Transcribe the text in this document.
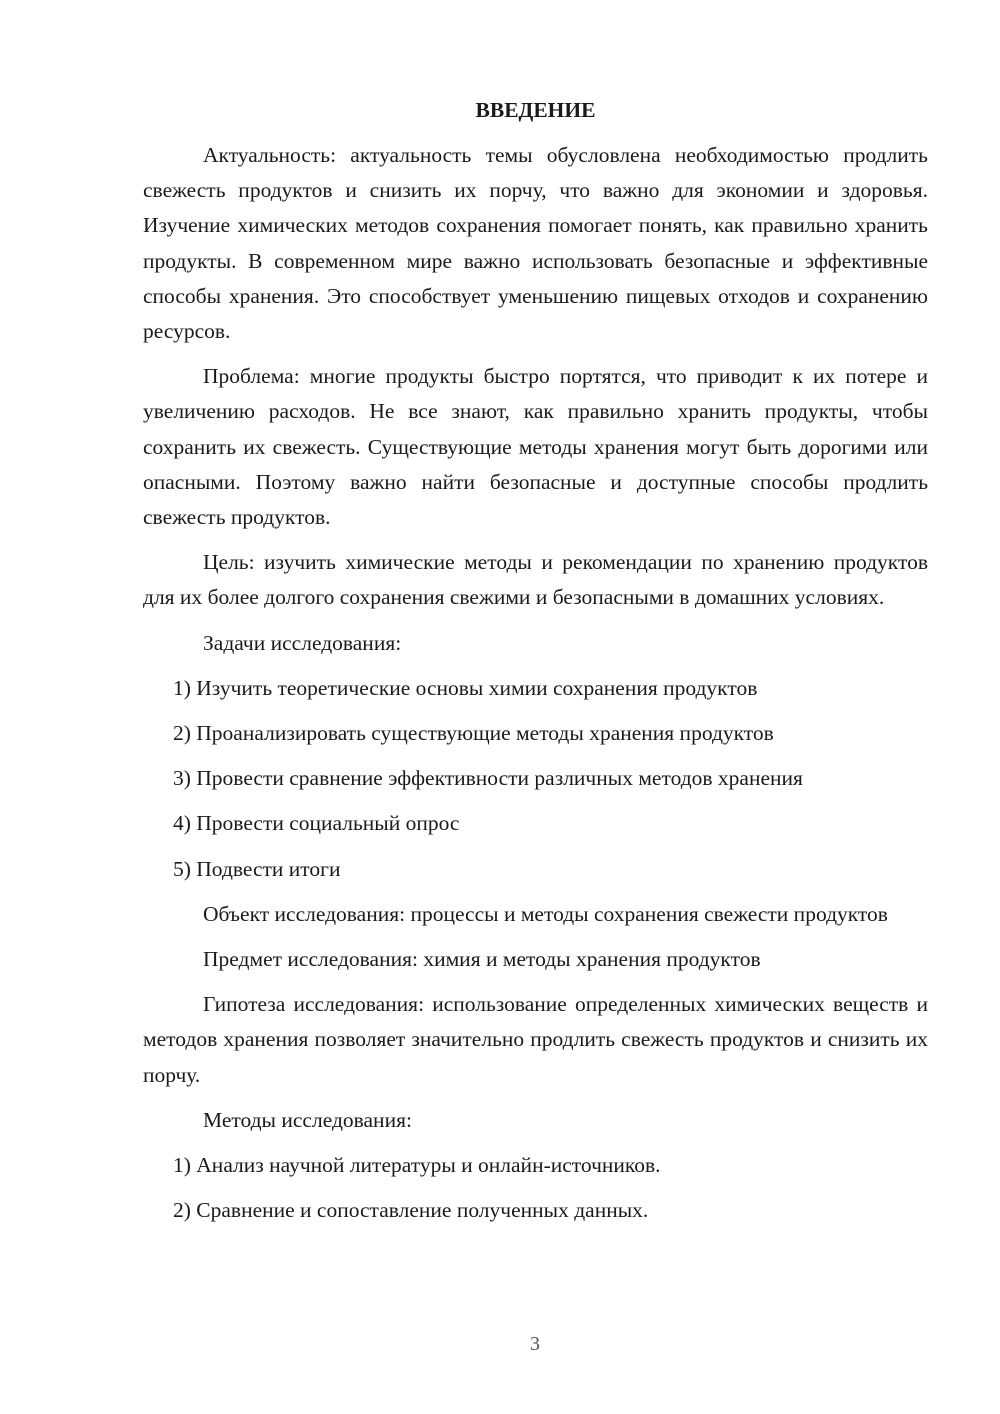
ВВЕДЕНИЕ
Актуальность: актуальность темы обусловлена необходимостью продлить свежесть продуктов и снизить их порчу, что важно для экономии и здоровья. Изучение химических методов сохранения помогает понять, как правильно хранить продукты. В современном мире важно использовать безопасные и эффективные способы хранения. Это способствует уменьшению пищевых отходов и сохранению ресурсов.
Проблема: многие продукты быстро портятся, что приводит к их потере и увеличению расходов. Не все знают, как правильно хранить продукты, чтобы сохранить их свежесть. Существующие методы хранения могут быть дорогими или опасными. Поэтому важно найти безопасные и доступные способы продлить свежесть продуктов.
Цель: изучить химические методы и рекомендации по хранению продуктов для их более долгого сохранения свежими и безопасными в домашних условиях.
Задачи исследования:
1) Изучить теоретические основы химии сохранения продуктов
2) Проанализировать существующие методы хранения продуктов
3) Провести сравнение эффективности различных методов хранения
4) Провести социальный опрос
5) Подвести итоги
Объект исследования: процессы и методы сохранения свежести продуктов
Предмет исследования: химия и методы хранения продуктов
Гипотеза исследования: использование определенных химических веществ и методов хранения позволяет значительно продлить свежесть продуктов и снизить их порчу.
Методы исследования:
1) Анализ научной литературы и онлайн-источников.
2) Сравнение и сопоставление полученных данных.
3
